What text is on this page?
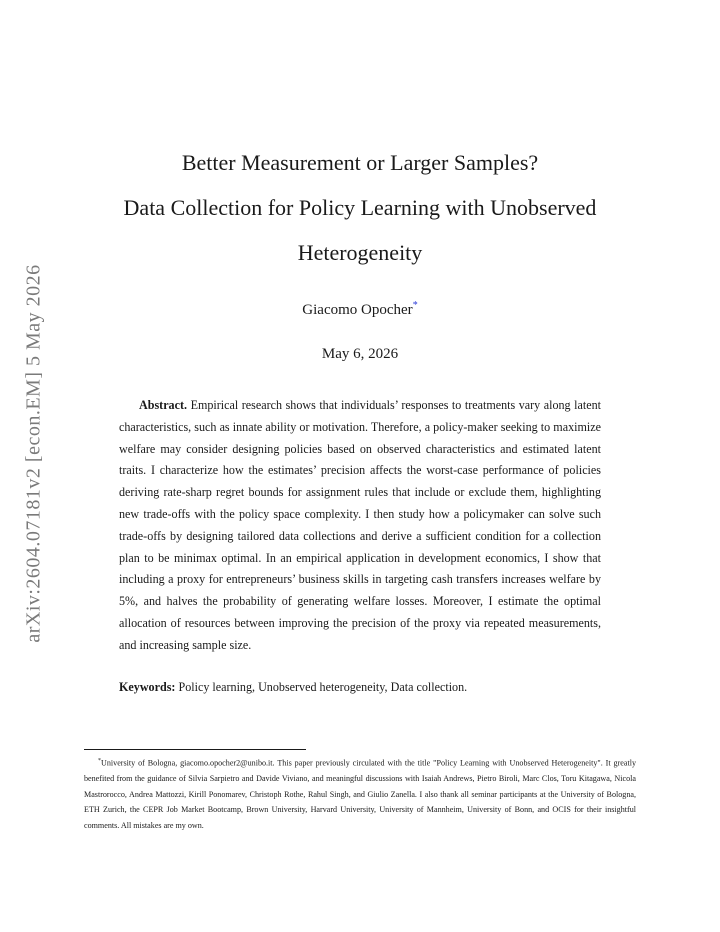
arXiv:2604.07181v2 [econ.EM] 5 May 2026
Better Measurement or Larger Samples?
Data Collection for Policy Learning with Unobserved
Heterogeneity
Giacomo Opocher*
May 6, 2026
Abstract. Empirical research shows that individuals’ responses to treatments vary along latent characteristics, such as innate ability or motivation. Therefore, a policy-maker seeking to maximize welfare may consider designing policies based on observed characteristics and estimated latent traits. I characterize how the estimates’ precision affects the worst-case performance of policies deriving rate-sharp regret bounds for assignment rules that include or exclude them, highlighting new trade-offs with the policy space complexity. I then study how a policymaker can solve such trade-offs by designing tailored data collections and derive a sufficient condition for a collection plan to be minimax optimal. In an empirical application in development economics, I show that including a proxy for entrepreneurs’ business skills in targeting cash transfers increases welfare by 5%, and halves the probability of generating welfare losses. Moreover, I estimate the optimal allocation of resources between improving the precision of the proxy via repeated measurements, and increasing sample size.
Keywords: Policy learning, Unobserved heterogeneity, Data collection.
*University of Bologna, giacomo.opocher2@unibo.it. This paper previously circulated with the title "Policy Learning with Unobserved Heterogeneity". It greatly benefited from the guidance of Silvia Sarpietro and Davide Viviano, and meaningful discussions with Isaiah Andrews, Pietro Biroli, Marc Clos, Toru Kitagawa, Nicola Mastrorocco, Andrea Mattozzi, Kirill Ponomarev, Christoph Rothe, Rahul Singh, and Giulio Zanella. I also thank all seminar participants at the University of Bologna, ETH Zurich, the CEPR Job Market Bootcamp, Brown University, Harvard University, University of Mannheim, University of Bonn, and OCIS for their insightful comments. All mistakes are my own.
